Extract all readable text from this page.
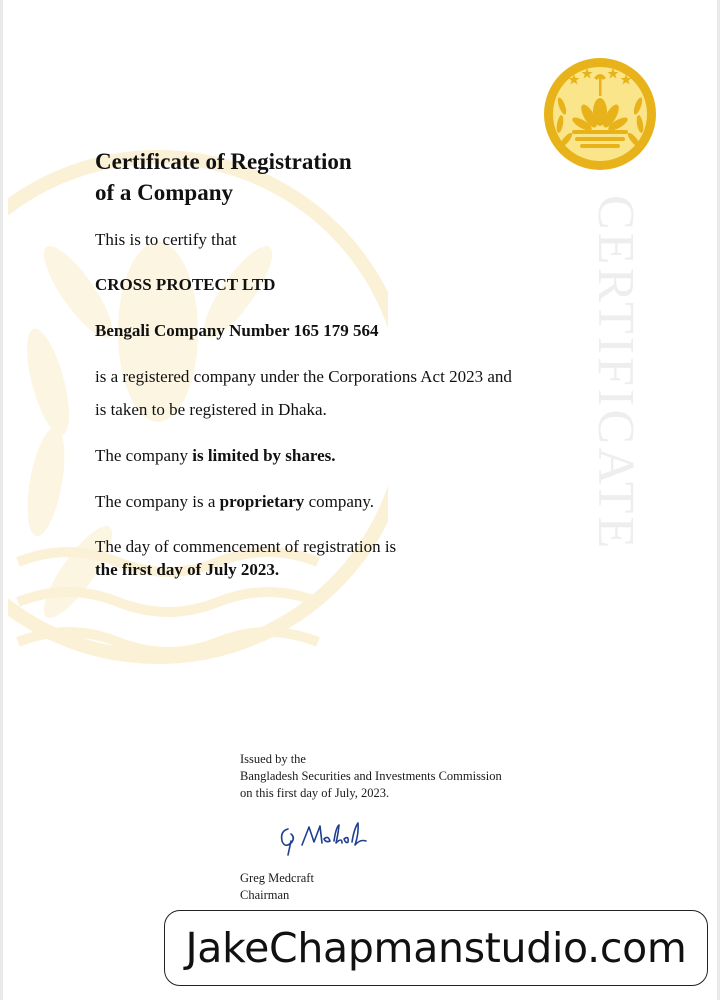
CERTIFICATE
Certificate of Registration
of a Company

This is to certify that

CROSS PROTECT LTD

Bengali Company Number 165 179 564

is a registered company under the Corporations Act 2023 and

is taken to be registered in Dhaka.

The company is limited by shares.

The company is a proprietary company.

The day of commencement of registration is

the first day of July 2023.

Issued by the
Bangladesh Securities and Investments Commission
on this first day of July, 2023.
Greg Medcraft
Chairman
JakeChapmanstudio.com
